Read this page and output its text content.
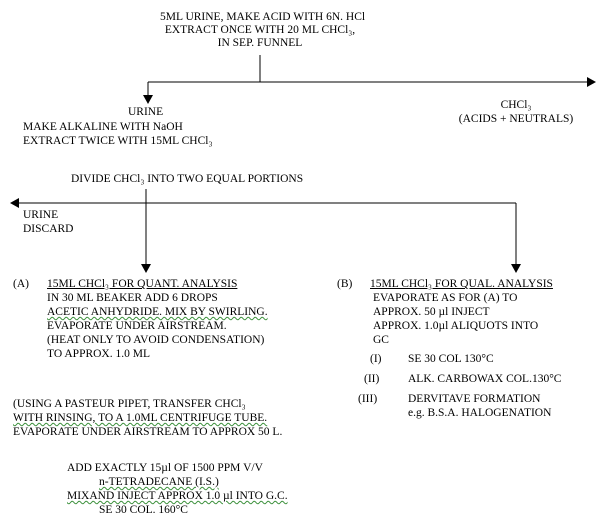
5ML URINE, MAKE ACID WITH 6N. HCl
EXTRACT ONCE WITH 20 ML CHCl₃,
IN SEP. FUNNEL
URINE
MAKE ALKALINE WITH NaOH
EXTRACT TWICE WITH 15ML CHCl₃
CHCl₃
(ACIDS + NEUTRALS)
DIVIDE CHCl₃ INTO TWO EQUAL PORTIONS
URINE
DISCARD
(A) 15ML CHCl₃ FOR QUANT. ANALYSIS
IN 30 ML BEAKER ADD 6 DROPS
ACETIC ANHYDRIDE. MIX BY SWIRLING.
EVAPORATE UNDER AIRSTREAM.
(HEAT ONLY TO AVOID CONDENSATION)
TO APPROX. 1.0 ML
(USING A PASTEUR PIPET, TRANSFER CHCl₃
WITH RINSING, TO A 1.0ML CENTRIFUGE TUBE.
EVAPORATE UNDER AIRSTREAM TO APPROX 50 L.
ADD EXACTLY 15µl OF 1500 PPM V/V
n-TETRADECANE (I.S.)
MIXAND INJECT APPROX 1.0 µl INTO G.C.
SE 30 COL. 160°C
(B) 15ML CHCl₃ FOR QUAL. ANALYSIS
EVAPORATE AS FOR (A) TO
APPROX. 50 µl INJECT
APPROX. 1.0µl ALIQUOTS INTO
GC
(I) SE 30 COL 130°C
(II) ALK. CARBOWAX COL.130°C
(III)	DERVITAVE FORMATION
e.g. B.S.A. HALOGENATION
